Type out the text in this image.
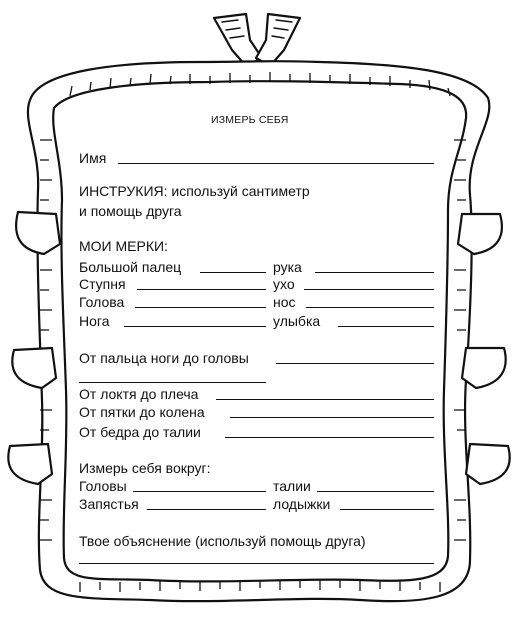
ИЗМЕРЬ СЕБЯ
Имя
ИНСТРУКИЯ: используй сантиметр
и помощь друга
МОИ МЕРКИ:
Большой палец	рука
Ступня	ухо
Голова	нос
Нога	улыбка
От пальца ноги до головы
От локтя до плеча
От пятки до колена
От бедра до талии
Измерь себя вокруг:
Головы	талии
Запястья	лодыжки
Твое объяснение (используй помощь друга)
